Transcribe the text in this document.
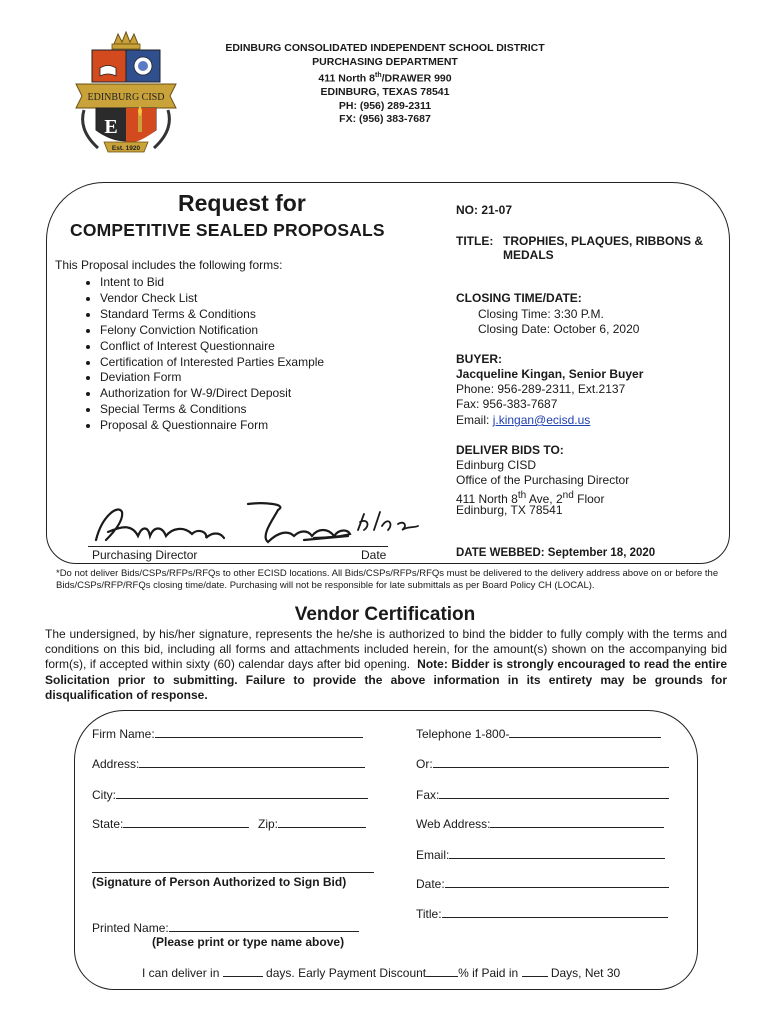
EDINBURG CISD
E
Est. 1920
EDINBURG CONSOLIDATED INDEPENDENT SCHOOL DISTRICT
PURCHASING DEPARTMENT
411 North 8th/DRAWER 990
EDINBURG, TEXAS 78541
PH: (956) 289-2311
FX: (956) 383-7687
Request for
COMPETITIVE SEALED PROPOSALS
This Proposal includes the following forms:
• Intent to Bid
• Vendor Check List
• Standard Terms & Conditions
• Felony Conviction Notification
• Conflict of Interest Questionnaire
• Certification of Interested Parties Example
• Deviation Form
• Authorization for W-9/Direct Deposit
• Special Terms & Conditions
• Proposal & Questionnaire Form
NO: 21-07
TITLE: TROPHIES, PLAQUES, RIBBONS &
MEDALS
CLOSING TIME/DATE:
Closing Time: 3:30 P.M.
Closing Date: October 6, 2020
BUYER:
Jacqueline Kingan, Senior Buyer
Phone: 956-289-2311, Ext.2137
Fax: 956-383-7687
Email: j.kingan@ecisd.us
DELIVER BIDS TO:
Edinburg CISD
Office of the Purchasing Director
411 North 8th Ave, 2nd Floor
Edinburg, TX 78541
Purchasing Director	Date	DATE WEBBED: September 18, 2020
*Do not deliver Bids/CSPs/RFPs/RFQs to other ECISD locations. All Bids/CSPs/RFPs/RFQs must be delivered to the delivery address above on or before the Bids/CSPs/RFP/RFQs closing time/date. Purchasing will not be responsible for late submittals as per Board Policy CH (LOCAL).
Vendor Certification
The undersigned, by his/her signature, represents the he/she is authorized to bind the bidder to fully comply with the terms and conditions on this bid, including all forms and attachments included herein, for the amount(s) shown on the accompanying bid form(s), if accepted within sixty (60) calendar days after bid opening. Note: Bidder is strongly encouraged to read the entire Solicitation prior to submitting. Failure to provide the above information in its entirety may be grounds for disqualification of response.
Firm Name:
Address:
City:
State:	Zip:
(Signature of Person Authorized to Sign Bid)
Printed Name:
(Please print or type name above)
Telephone 1-800-
Or:
Fax:
Web Address:
Email:
Date:
Title:
I can deliver in	days. Early Payment Discount	% if Paid in  Days, Net 30
